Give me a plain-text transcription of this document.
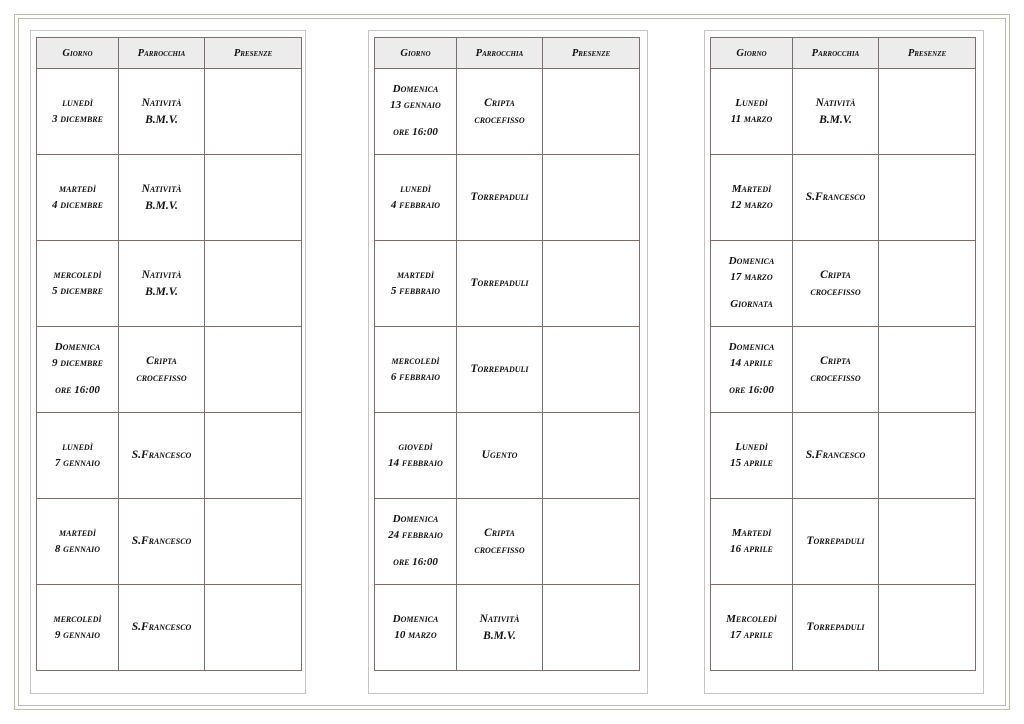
Giorno	Parrocchia	Presenze

lunedì
3 dicembre	Natività
B.M.V.	

martedì
4 dicembre	Natività
B.M.V.	

mercoledì
5 dicembre	Natività
B.M.V.	

Domenica
9 dicembre
ore 16:00	Cripta
crocefisso	

lunedì
7 gennaio	S.Francesco	

martedì
8 gennaio	S.Francesco	

mercoledì
9 gennaio	S.Francesco	

Giorno	Parrocchia	Presenze

Domenica
13 gennaio
ore 16:00	Cripta
crocefisso	

lunedì
4 febbraio	Torrepaduli	

martedì
5 febbraio	Torrepaduli	

mercoledì
6 febbraio	Torrepaduli	

giovedì
14 febbraio	Ugento	

Domenica
24 febbraio
ore 16:00	Cripta
crocefisso	

Domenica
10 marzo	Natività
B.M.V.	

Giorno	Parrocchia	Presenze

Lunedì
11 marzo	Natività
B.M.V.	

Martedì
12 marzo	S.Francesco	

Domenica
17 marzo
Giornata	Cripta
crocefisso	

Domenica
14 aprile
ore 16:00	Cripta
crocefisso	

Lunedì
15 aprile	S.Francesco	

Martedì
16 aprile	Torrepaduli	

Mercoledì
17 aprile	Torrepaduli	
